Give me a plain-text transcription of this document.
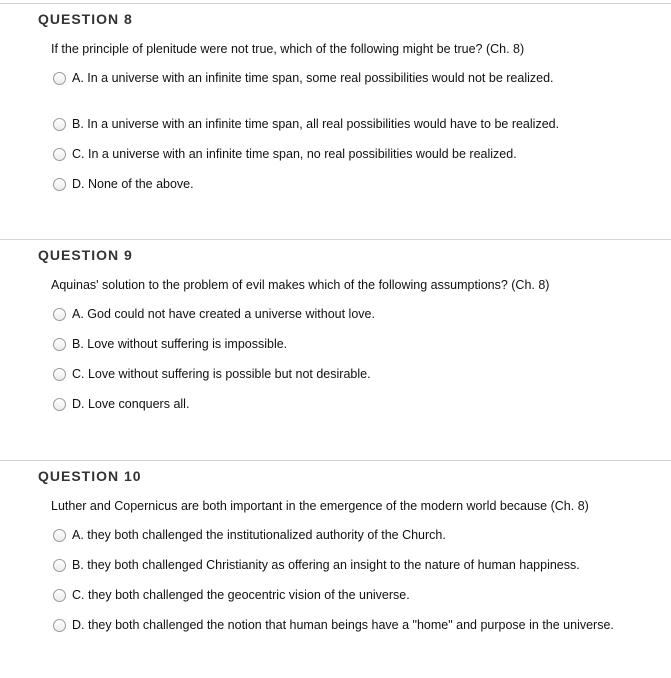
QUESTION 8
If the principle of plenitude were not true, which of the following might be true? (Ch. 8)
A. In a universe with an infinite time span, some real possibilities would not be realized.
B. In a universe with an infinite time span, all real possibilities would have to be realized.
C. In a universe with an infinite time span, no real possibilities would be realized.
D. None of the above.
QUESTION 9
Aquinas' solution to the problem of evil makes which of the following assumptions? (Ch. 8)
A. God could not have created a universe without love.
B. Love without suffering is impossible.
C. Love without suffering is possible but not desirable.
D. Love conquers all.
QUESTION 10
Luther and Copernicus are both important in the emergence of the modern world because (Ch. 8)
A. they both challenged the institutionalized authority of the Church.
B. they both challenged Christianity as offering an insight to the nature of human happiness.
C. they both challenged the geocentric vision of the universe.
D. they both challenged the notion that human beings have a "home" and purpose in the universe.
